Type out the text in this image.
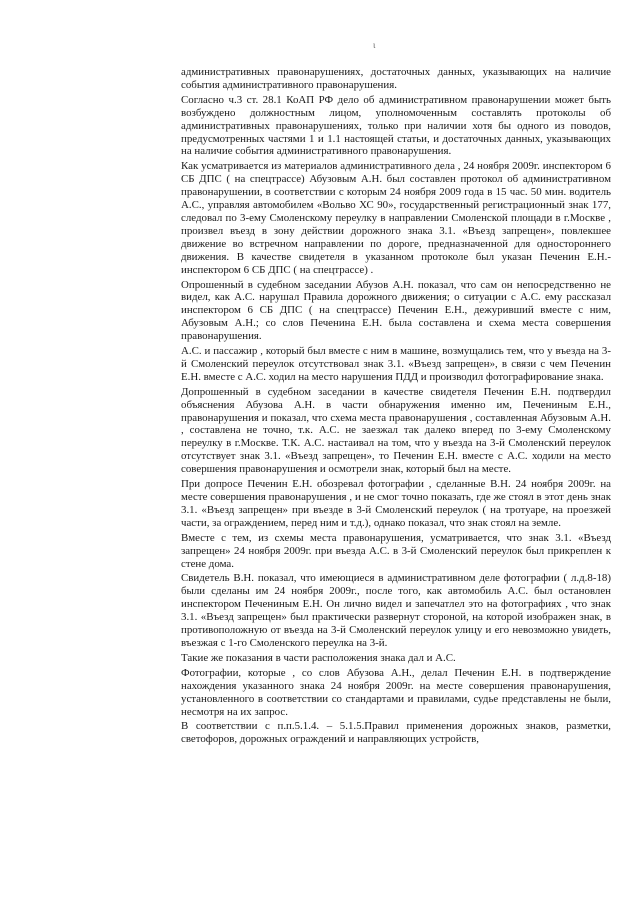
ι

административных правонарушениях, достаточных данных, указывающих на наличие события административного правонарушения.

Согласно ч.3 ст. 28.1 КоАП РФ дело об административном правонарушении может быть возбуждено должностным лицом, уполномоченным составлять протоколы об административных правонарушениях, только при наличии хотя бы одного из поводов, предусмотренных частями 1 и 1.1 настоящей статьи, и достаточных данных, указывающих на наличие события административного правонарушения.

Как усматривается из материалов административного дела , 24 ноября 2009г. инспектором 6 СБ ДПС ( на спецтрассе) Абузовым А.Н. был составлен протокол об административном правонарушении, в соответствии с которым 24 ноября 2009 года в 15 час. 50 мин. водитель А.С., управляя автомобилем «Вольво ХС 90», государственный регистрационный знак 177, следовал по 3-ему Смоленскому переулку в направлении Смоленской площади в г.Москве , произвел въезд в зону действии дорожного знака 3.1. «Въезд запрещен», повлекшее движение во встречном направлении по дороге, предназначенной для одностороннего движения. В качестве свидетеля в указанном протоколе был указан Печенин Е.Н.- инспектором 6 СБ ДПС ( на спецтрассе) .

Опрошенный в судебном заседании Абузов А.Н. показал, что сам он непосредственно не видел, как А.С. нарушал Правила дорожного движения; о ситуации с А.С. ему рассказал инспектором 6 СБ ДПС ( на спецтрассе) Печенин Е.Н., дежуривший вместе с ним, Абузовым А.Н.; со слов Печенина Е.Н. была составлена и схема места совершения правонарушения.

А.С. и пассажир , который был вместе с ним в машине, возмущались тем, что у въезда на 3-й Смоленский переулок отсутствовал знак 3.1. «Въезд запрещен», в связи с чем Печенин Е.Н. вместе с А.С. ходил на место нарушения ПДД и производил фотографирование знака.

Допрошенный в судебном заседании в качестве свидетеля Печенин Е.Н. подтвердил объяснения Абузова А.Н. в части обнаружения именно им, Печениным Е.Н., правонарушения и показал, что схема места правонарушения , составленная Абузовым А.Н. , составлена не точно, т.к. А.С. не заезжал так далеко вперед по 3-ему Смоленскому переулку в г.Москве. Т.К. А.С. настаивал на том, что у въезда на 3-й Смоленский переулок отсутствует знак 3.1. «Въезд запрещен», то Печенин Е.Н. вместе с А.С. ходили на место совершения правонарушения и осмотрели знак, который был на месте.

При допросе Печенин Е.Н. обозревал фотографии , сделанные В.Н. 24 ноября 2009г. на месте совершения правонарушения , и не смог точно показать, где же стоял в этот день знак 3.1. «Въезд запрещен» при въезде в 3-й Смоленский переулок ( на тротуаре, на проезжей части, за ограждением, перед ним и т.д.), однако показал, что знак стоял на земле.

Вместе с тем, из схемы места правонарушения, усматривается, что знак 3.1. «Въезд запрещен» 24 ноября 2009г. при въезда А.С. в 3-й Смоленский переулок был прикреплен к стене дома.

Свидетель В.Н. показал, что имеющиеся в административном деле фотографии ( л.д.8-18) были сделаны им 24 ноября 2009г., после того, как автомобиль А.С. был остановлен инспектором Печениным Е.Н. Он лично видел и запечатлел это на фотографиях , что знак 3.1. «Въезд запрещен» был практически развернут стороной, на которой изображен знак, в противоположную от въезда на 3-й Смоленский переулок улицу и его невозможно увидеть, въезжая с 1-го Смоленского переулка на 3-й.

Такие же показания в части расположения знака дал и А.С.

Фотографии, которые , со слов Абузова А.Н., делал Печенин Е.Н. в подтверждение нахождения указанного знака 24 ноября 2009г. на месте совершения правонарушения, установленного в соответствии со стандартами и правилами, судье представлены не были, несмотря на их запрос.

В соответствии с п.п.5.1.4. – 5.1.5.Правил применения дорожных знаков, разметки, светофоров, дорожных ограждений и направляющих устройств,
